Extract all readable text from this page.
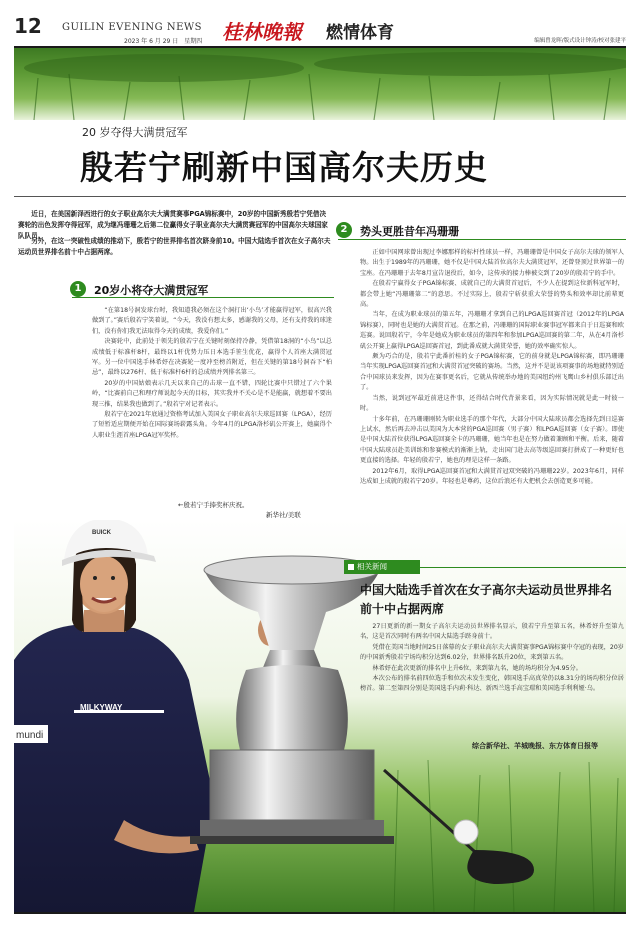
12 GUILIN EVENING NEWS
2023 年 6 月 29 日　星期四 桂林晚報 燃情体育	编辑曾龙晖/版式设计钟涛/校对张建平
20 岁夺得大满贯冠军
殷若宁刷新中国高尔夫历史

近日，在美国新泽西进行的女子职业高尔夫大满贯赛事PGA锦标赛中，20岁的中国新秀殷若宁凭借决赛轮的出色发挥夺得冠军，成为继冯珊珊之后第二位赢得女子职业高尔夫大满贯赛冠军的中国高尔夫球国家队队员。

另外，在这一突破性成绩的推动下，殷若宁的世界排名首次跻身前10。中国大陆选手首次在女子高尔夫运动员世界排名前十中占据两席。

1	20岁小将夺大满贯冠军

“在第18号洞发球台时，我知道我必须在这个洞打出‘小鸟’才能赢得冠军，很高兴我做到了。”赛后殷若宁笑着说，“今天，我没有想太多，感谢我的父母，还有支持我的球迷们，没有你们我无法取得今天的成绩，我爱你们。”

决赛轮中，此前处于领先的殷若宁在关键时刻保持冷静，凭借第18洞的“小鸟”以总成绩低于标准杆8杆，最终以1杆优势力压日本选手笹生优花，赢得个人首座大满贯冠军。另一位中国选手林希妤在决赛轮一度冲至榜首附近，但在关键的第18号洞吞下“柏忌”，最终以276杆、低于标准杆6杆的总成绩并列排名第三。

20岁的中国姑娘表示几天以来自己的击球一直不错，四轮比赛中只错过了六个果岭，“比赛前自己和理疗师说起今天的目标，其实我并不关心是不是能赢，就想着不要出现三推，结果我也做到了。”殷若宁对记者表示。

殷若宁在2021年底通过资格考试加入美国女子职业高尔夫球巡回赛（LPGA），经历了短暂适应期便开始在国际赛场崭露头角。今年4月的LPGA洛杉矶公开赛上，她赢得个人职业生涯首座LPGA冠军奖杯。

2	势头更胜昔年冯珊珊

正如中国网球曾出现过李娜那样的标杆性球员一样，冯珊珊曾是中国女子高尔夫球的领军人物。出生于1989年的冯珊珊，她不仅是中国大陆首位高尔夫大满贯冠军，还曾登顶过世界第一的宝座。在冯珊珊于去年8月宣告退役后，如今，这传承的接力棒被交到了20岁的殷若宁的手中。

在殷若宁赢得女子PGA锦标赛、成就自己的大满贯首冠后，不少人在提到这位新科冠军时，都会带上她“冯珊珊第二”的意思。不过实际上，殷若宁斩获重大荣誉的势头和效率却比前辈更高。

当年，在成为职业球员的第五年，冯珊珊才拿到自己的LPGA巡回赛首冠（2012年的LPGA锦标赛），同时也是她的大满贯首冠。在那之前，冯珊珊的国际职业赛事冠军都来自于日巡赛和欧巡赛。说回殷若宁，今年是她成为职业球员的第四年和参加LPGA巡回赛的第二年，从在4月洛杉矶公开赛上赢得LPGA巡回赛首冠，到此番成就大满贯荣誉，她的效率确实惊人。

颇为巧合的是，殷若宁此番折桂的女子PGA锦标赛，它的前身就是LPGA锦标赛，即冯珊珊当年实现LPGA巡回赛首冠和大满贯首冠突破的赛场。当然，这并不是说该项赛事的场地就特别适合中国球员来发挥，因为在赛事更名后，它就从传统举办地的美国纽约州飞鹰山乡村俱乐部迁出了。

当然，说到冠军最近前进这件事，还得结合时代背景来看，因为实际情况就是此一时彼一时。

十多年前，在冯珊珊刚转为职业选手的那个年代，大部分中国大陆球员都会选择先到日巡赛上试水，然后再去冲击以美国为大本营的PGA巡回赛（男子赛）和LPGA巡回赛（女子赛）。即使是中国大陆首位获得LPGA巡回赛全卡的冯珊珊，她当年也是在努力做着兼顾和平衡。后来，随着中国大陆球员赴美训练和参赛模式的渐渐上轨，走出国门赴去高等级巡回赛打拼成了一种更好也更直接的选择。年轻的殷若宁，她也的理是这样一条路。

2012年6月，取得LPGA巡回赛首冠和大满贯首冠双突破的冯珊珊22岁。2023年6月，同样达成如上成就的殷若宁20岁。年轻也是尊药，这位后浪还有大把机会去创造更多可能。

mundi
MILKYWAY
BUICK
←殷若宁手捧奖杯庆祝。
新华社/美联
相关新闻
中国大陆选手首次在女子高尔夫运动员世界排名前十中占据两席

27日更新的新一期女子高尔夫运动员世界排名显示，殷若宁升至第五名，林希妤升至第九名，这是首次同时有两名中国大陆选手跻身前十。

凭借在美国当地时间25日落幕的女子职业高尔夫大满贯赛事PGA锦标赛中夺冠的表现，20岁的中国新秀殷若宁场均积分达到6.02分，世界排名跃升20位，来到第五名。

林希妤在此次更新的排名中上升6位，来到第九名，她的场均积分为4.95分。

本次公布的排名前四位选手和位次未发生变化，韩国选手高真荣仍以8.31分的场均积分位居榜首。第二至第四分别是美国选手内莉·科达、新西兰选手高宝璟和美国选手利利娅·乌。

综合新华社、羊城晚报、东方体育日报等
